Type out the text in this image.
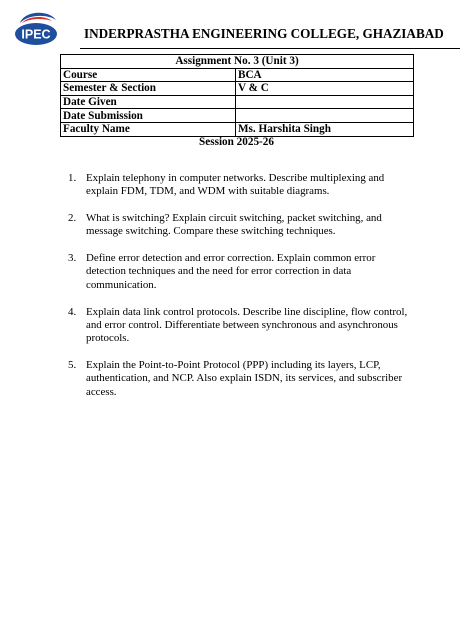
IPEC	INDERPRASTHA ENGINEERING COLLEGE, GHAZIABAD
Assignment No. 3 (Unit 3)	
Course	BCA
Semester & Section	V & C
Date Given	
Date Submission	
Faculty Name	Ms. Harshita Singh
Session 2025-26
1. Explain telephony in computer networks. Describe multiplexing and explain FDM, TDM, and WDM with suitable diagrams.
2. What is switching? Explain circuit switching, packet switching, and message switching. Compare these switching techniques.
3. Define error detection and error correction. Explain common error detection techniques and the need for error correction in data communication.
4. Explain data link control protocols. Describe line discipline, flow control, and error control. Differentiate between synchronous and asynchronous protocols.
5. Explain the Point-to-Point Protocol (PPP) including its layers, LCP, authentication, and NCP. Also explain ISDN, its services, and subscriber access.
